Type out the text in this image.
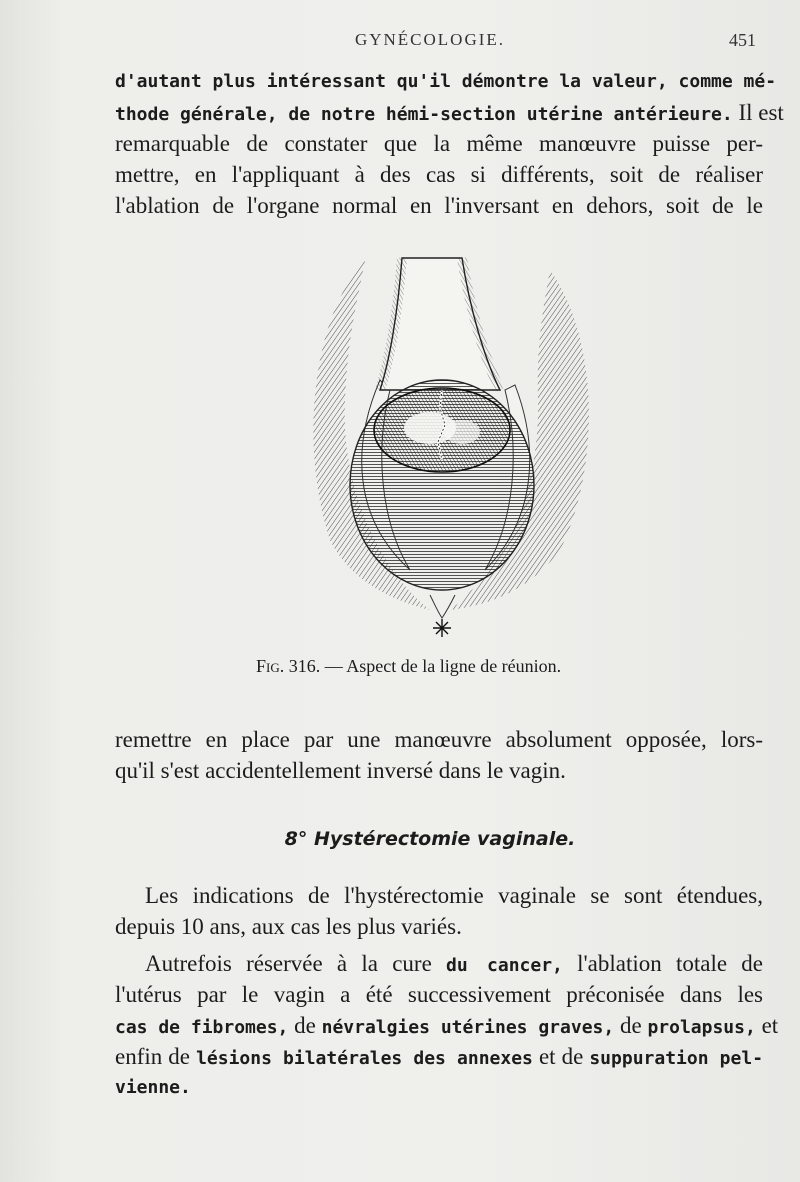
GYNÉCOLOGIE.	451
d'autant plus intéressant qu'il démontre la valeur, comme mé-
thode générale, de notre hémi-section utérine antérieure. Il est
remarquable de constater que la même manœuvre puisse per-
mettre, en l'appliquant à des cas si différents, soit de réaliser
l'ablation de l'organe normal en l'inversant en dehors, soit de le
Fig. 316. — Aspect de la ligne de réunion.
remettre en place par une manœuvre absolument opposée, lors-
qu'il s'est accidentellement inversé dans le vagin.
8° Hystérectomie vaginale.
Les indications de l'hystérectomie vaginale se sont étendues,
depuis 10 ans, aux cas les plus variés.
Autrefois réservée à la cure du cancer, l'ablation totale de
l'utérus par le vagin a été successivement préconisée dans les
cas de fibromes, de névralgies utérines graves, de prolapsus, et
enfin de lésions bilatérales des annexes et de suppuration pel-
vienne.
